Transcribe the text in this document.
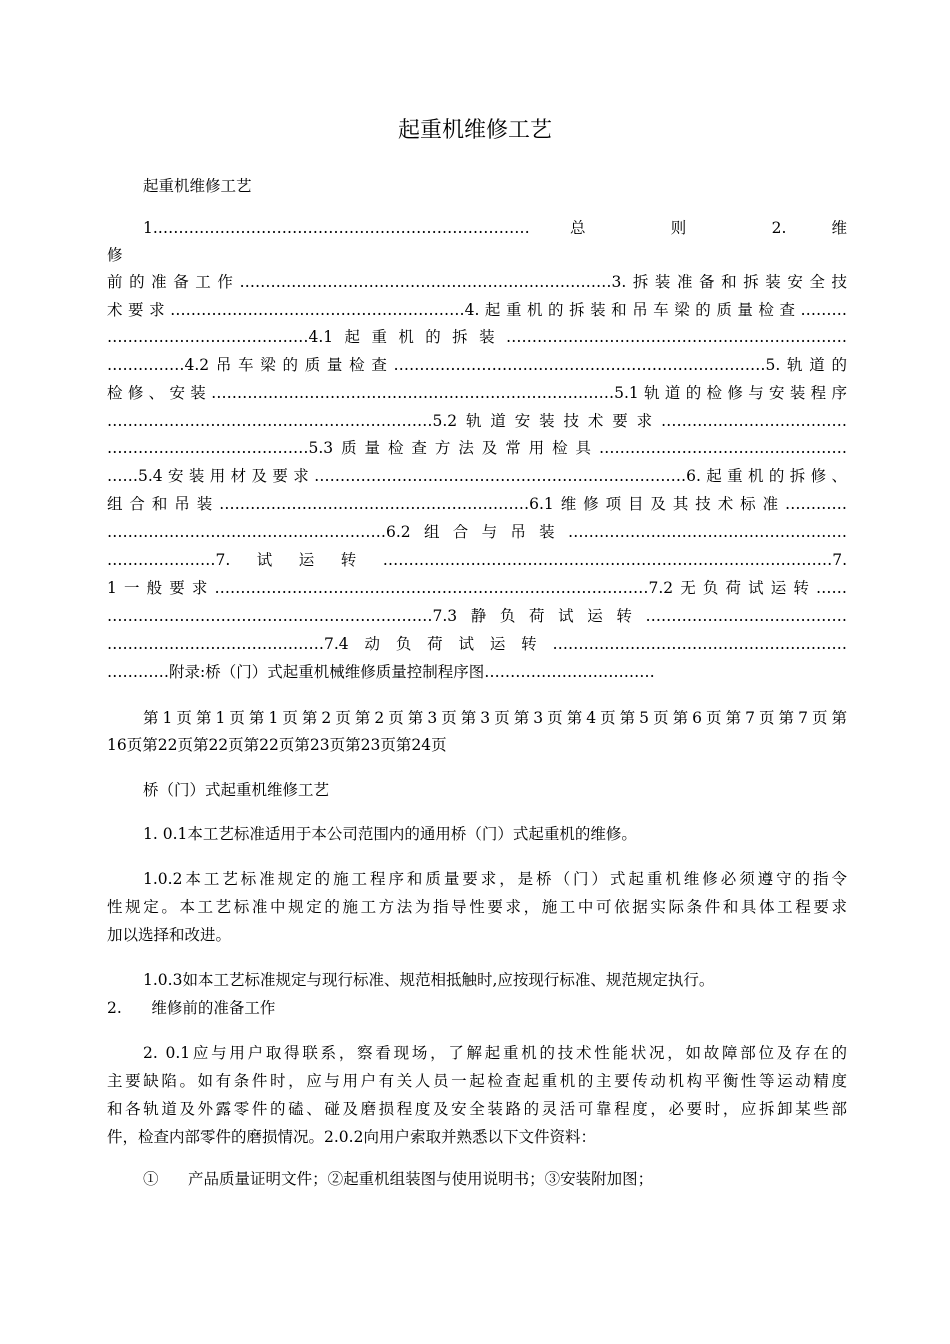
起重机维修工艺
起重机维修工艺
1.………………………………………………………………总 则 2. 维
修
前的准备工作………………………………………………………………3.拆装准备和拆装安全技
术要求…………………………………………………4.起重机的拆装和吊车梁的质量检查………
…………………………………4.1起重机的拆装…………………………………………………………
……………4.2吊车梁的质量检查………………………………………………………………5.轨道的
检修、安装……………………………………………………………………5.1轨道的检修与安装程序
………………………………………………………5.2轨道安装技术要求………………………………
…………………………………5.3质量检查方法及常用检具…………………………………………
……5.4安装用材及要求………………………………………………………………6.起重机的拆修、
组合和吊装……………………………………………………6.1维修项目及其技术标准…………
………………………………………………6.2组合与吊装………………………………………………
…………………7.试运转……………………………………………………………………………7.
1一般要求…………………………………………………………………………7.2无负荷试运转……
………………………………………………………7.3静负荷试运转…………………………………
……………………………………7.4动负荷试运转…………………………………………………
…………附录:桥（门）式起重机械维修质量控制程序图……………………………
第1页第1页第1页第2页第2页第3页第3页第3页第4页第5页第6页第7页第7页第
16页第22页第22页第22页第23页第23页第24页
桥（门）式起重机维修工艺
1. 0.1本工艺标准适用于本公司范围内的通用桥（门）式起重机的维修。
1.0.2本工艺标准规定的施工程序和质量要求，是桥（门）式起重机维修必须遵守的指令
性规定。本工艺标准中规定的施工方法为指导性要求，施工中可依据实际条件和具体工程要求
加以选择和改进。
1.0.3如本工艺标准规定与现行标准、规范相抵触时,应按现行标准、规范规定执行。
2.      维修前的准备工作
2. 0.1应与用户取得联系，察看现场，了解起重机的技术性能状况，如故障部位及存在的
主要缺陷。如有条件时，应与用户有关人员一起检查起重机的主要传动机构平衡性等运动精度
和各轨道及外露零件的磕、碰及磨损程度及安全装路的灵活可靠程度，必要时，应拆卸某些部
件，检查内部零件的磨损情况。2.0.2向用户索取并熟悉以下文件资料：
①      产品质量证明文件；②起重机组装图与使用说明书；③安装附加图；
